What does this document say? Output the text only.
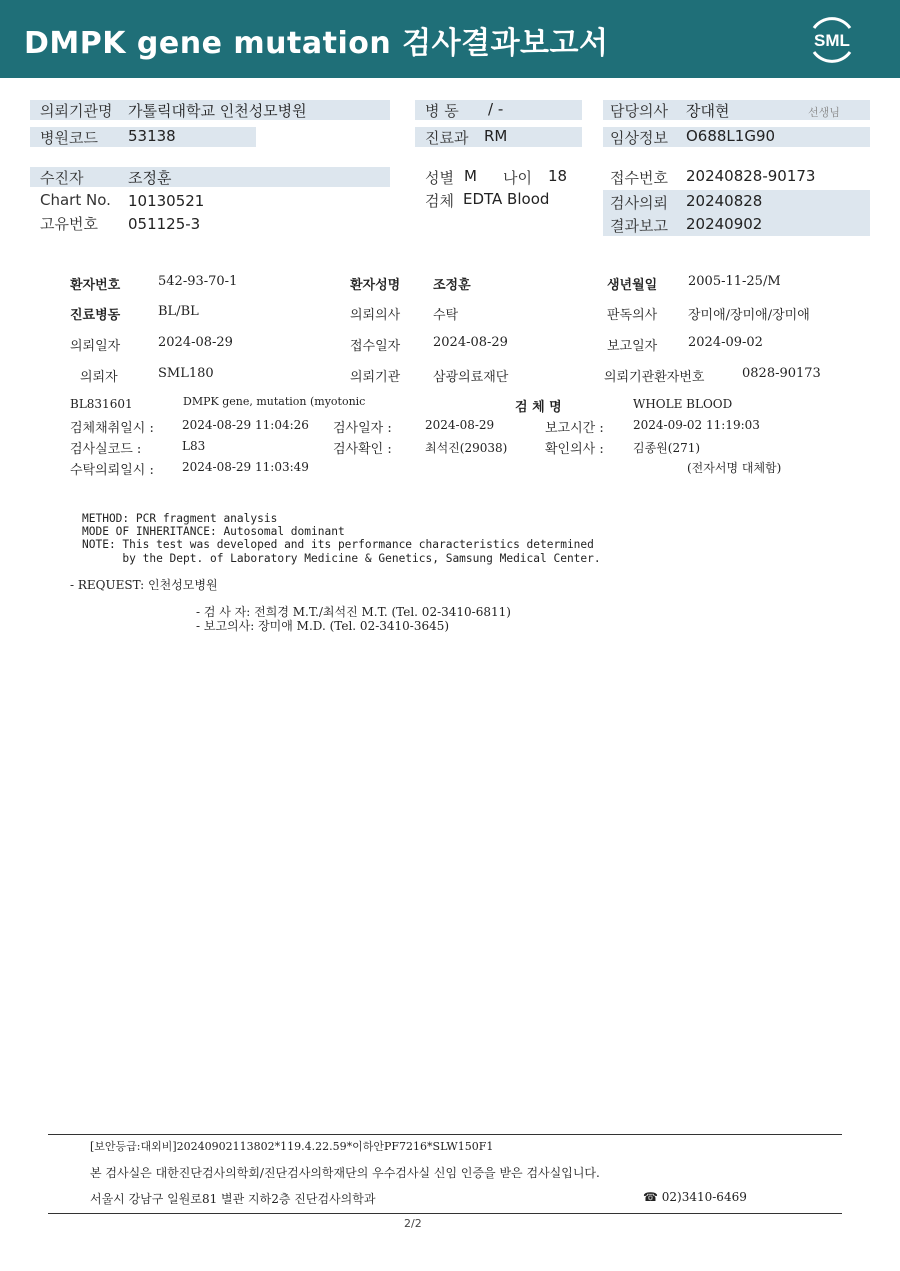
DMPK gene mutation 검사결과보고서	SML
의뢰기관명 가톨릭대학교 인천성모병원
병원코드 53138
병 동 / -
진료과 RM
담당의사 장대현	선생님
임상정보 O688L1G90
수진자	조정훈
Chart No. 10130521
고유번호 051125-3
성별 M 나이 18
검체 EDTA Blood
접수번호 20240828-90173
검사의뢰 20240828
결과보고 20240902
환자번호	542-93-70-1	환자성명	조정훈	생년월일 2005-11-25/M
진료병동	BL/BL	의뢰의사	수탁	판독의사 장미애/장미애/장미애
의뢰일자	2024-08-29	접수일자	2024-08-29	보고일자 2024-09-02
의뢰자	SML180	의뢰기관	삼광의료재단	의뢰기관환자번호	0828-90173
BL831601	DMPK gene, mutation (myotonic	검 체 명	WHOLE BLOOD
검체채취일시 : 2024-08-29 11:04:26 검사일자 :	2024-08-29	보고시간 : 2024-09-02 11:19:03
검사실코드 :	L83	검사확인 :	최석진(29038)	확인의사 : 김종원(271)
수탁의뢰일시 : 2024-08-29 11:03:49	(전자서명 대체함)
METHOD: PCR fragment analysis
MODE OF INHERITANCE: Autosomal dominant
NOTE: This test was developed and its performance characteristics determined
by the Dept. of Laboratory Medicine & Genetics, Samsung Medical Center.
- REQUEST: 인천성모병원
- 검 사 자: 전희경 M.T./최석진 M.T. (Tel. 02-3410-6811)
- 보고의사: 장미애 M.D. (Tel. 02-3410-3645)
[보안등급:대외비]20240902113802*119.4.22.59*이하안PF7216*SLW150F1
본 검사실은 대한진단검사의학회/진단검사의학재단의 우수검사실 신임 인증을 받은 검사실입니다.
서울시 강남구 일원로81 별관 지하2층 진단검사의학과	☎ 02)3410-6469
2/2
